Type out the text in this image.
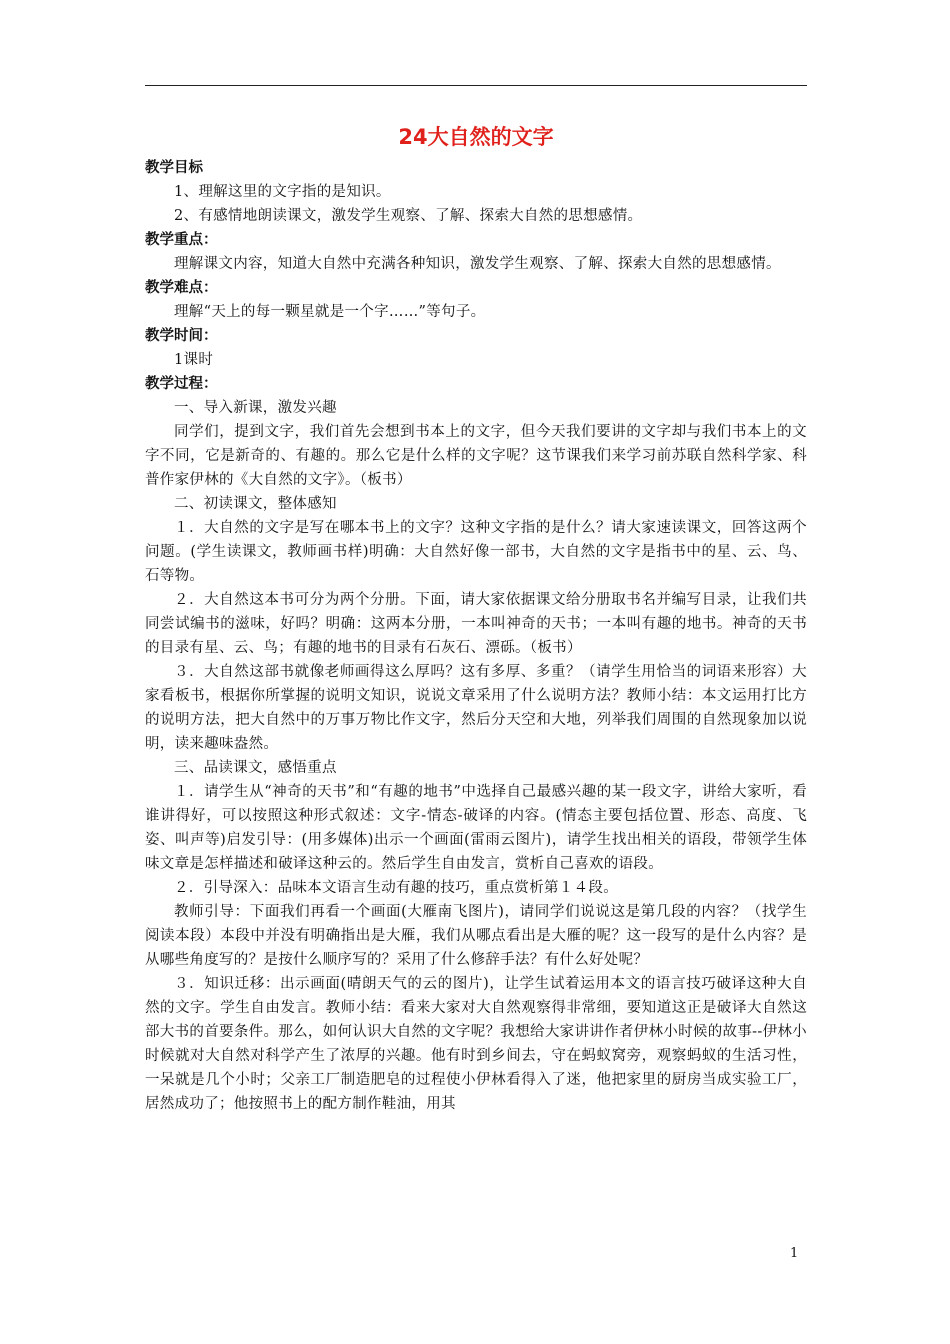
24大自然的文字
教学目标
1、理解这里的文字指的是知识。
2、有感情地朗读课文，激发学生观察、了解、探索大自然的思想感情。
教学重点：
理解课文内容，知道大自然中充满各种知识，激发学生观察、了解、探索大自然的思想感情。
教学难点：
理解“天上的每一颗星就是一个字……”等句子。
教学时间：
1课时
教学过程：
一、导入新课，激发兴趣
同学们，提到文字，我们首先会想到书本上的文字，但今天我们要讲的文字却与我们书本上的文字不同，它是新奇的、有趣的。那么它是什么样的文字呢？这节课我们来学习前苏联自然科学家、科普作家伊林的《大自然的文字》。（板书）
二、初读课文，整体感知
１．大自然的文字是写在哪本书上的文字？这种文字指的是什么？请大家速读课文，回答这两个问题。(学生读课文，教师画书样)明确：大自然好像一部书，大自然的文字是指书中的星、云、鸟、石等物。
２．大自然这本书可分为两个分册。下面，请大家依据课文给分册取书名并编写目录，让我们共同尝试编书的滋味，好吗？明确：这两本分册，一本叫神奇的天书；一本叫有趣的地书。神奇的天书的目录有星、云、鸟；有趣的地书的目录有石灰石、漂砾。（板书）
３．大自然这部书就像老师画得这么厚吗？这有多厚、多重？（请学生用恰当的词语来形容）大家看板书，根据你所掌握的说明文知识，说说文章采用了什么说明方法？教师小结：本文运用打比方的说明方法，把大自然中的万事万物比作文字，然后分天空和大地，列举我们周围的自然现象加以说明，读来趣味盎然。
三、品读课文，感悟重点
１．请学生从“神奇的天书”和“有趣的地书”中选择自己最感兴趣的某一段文字，讲给大家听，看谁讲得好，可以按照这种形式叙述：文字-情态-破译的内容。(情态主要包括位置、形态、高度、飞姿、叫声等)启发引导：(用多媒体)出示一个画面(雷雨云图片)，请学生找出相关的语段，带领学生体味文章是怎样描述和破译这种云的。然后学生自由发言，赏析自己喜欢的语段。
２．引导深入：品味本文语言生动有趣的技巧，重点赏析第１４段。
教师引导：下面我们再看一个画面(大雁南飞图片)，请同学们说说这是第几段的内容？（找学生阅读本段）本段中并没有明确指出是大雁，我们从哪点看出是大雁的呢？这一段写的是什么内容？是从哪些角度写的？是按什么顺序写的？采用了什么修辞手法？有什么好处呢？
３．知识迁移：出示画面(晴朗天气的云的图片)，让学生试着运用本文的语言技巧破译这种大自然的文字。学生自由发言。教师小结：看来大家对大自然观察得非常细，要知道这正是破译大自然这部大书的首要条件。那么，如何认识大自然的文字呢？我想给大家讲讲作者伊林小时候的故事--伊林小时候就对大自然对科学产生了浓厚的兴趣。他有时到乡间去，守在蚂蚁窝旁，观察蚂蚁的生活习性，一呆就是几个小时；父亲工厂制造肥皂的过程使小伊林看得入了迷，他把家里的厨房当成实验工厂，居然成功了；他按照书上的配方制作鞋油，用其
1
